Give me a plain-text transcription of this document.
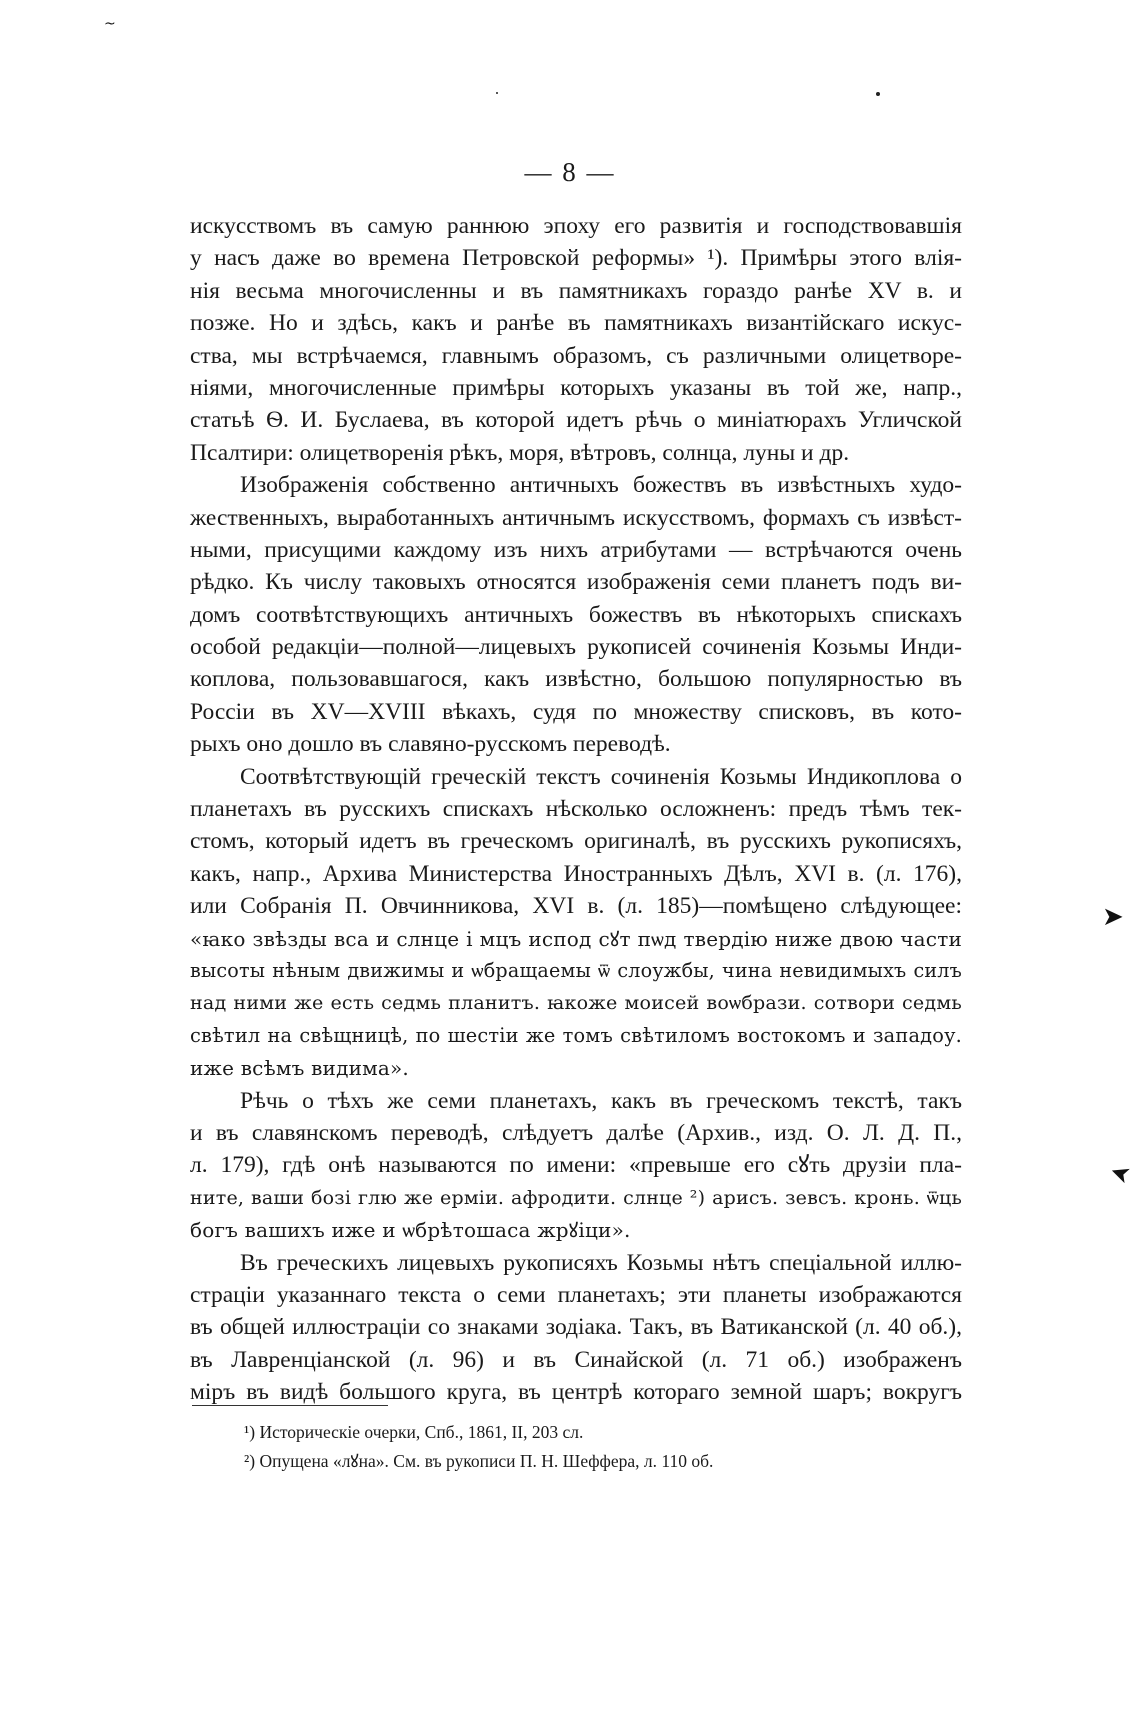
~
➤
➤
— 8 —
искусствомъ въ самую раннюю эпоху его развитія и господствовавшія
у насъ даже во времена Петровской реформы» ¹). Примѣры этого влія-
нія весьма многочисленны и въ памятникахъ гораздо ранѣе XV в. и
позже. Но и здѣсь, какъ и ранѣе въ памятникахъ византійскаго искус-
ства, мы встрѣчаемся, главнымъ образомъ, съ различными олицетворе-
ніями, многочисленные примѣры которыхъ указаны въ той же, напр.,
статьѣ Ѳ. И. Буслаева, въ которой идетъ рѣчь о миніатюрахъ Угличской
Псалтири: олицетворенія рѣкъ, моря, вѣтровъ, солнца, луны и др.
Изображенія собственно античныхъ божествъ въ извѣстныхъ худо-
жественныхъ, выработанныхъ античнымъ искусствомъ, формахъ съ извѣст-
ными, присущими каждому изъ нихъ атрибутами — встрѣчаются очень
рѣдко. Къ числу таковыхъ относятся изображенія семи планетъ подъ ви-
домъ соотвѣтствующихъ античныхъ божествъ въ нѣкоторыхъ спискахъ
особой редакціи—полной—лицевыхъ рукописей сочиненія Козьмы Инди-
коплова, пользовавшагося, какъ извѣстно, большою популярностью въ
Россіи въ XV—XVIII вѣкахъ, судя по множеству списковъ, въ кото-
рыхъ оно дошло въ славяно-русскомъ переводѣ.
Соотвѣтствующій греческій текстъ сочиненія Козьмы Индикоплова о
планетахъ въ русскихъ спискахъ нѣсколько осложненъ: предъ тѣмъ тек-
стомъ, который идетъ въ греческомъ оригиналѣ, въ русскихъ рукописяхъ,
какъ, напр., Архива Министерства Иностранныхъ Дѣлъ, XVI в. (л. 176),
или Собранія П. Овчинникова, XVI в. (л. 185)—помѣщено слѣдующее:
«ꙗко звѣзды вса и слнце і мцъ испод сꙋт пѡд твердію ниже двою части
высоты нѣным движимы и ѡбращаемы ѿ слоужбы, чина невидимыхъ силъ
над ними же есть седмь планитъ. ꙗкоже моисей воѡбрази. сотвори седмь
свѣтил на свѣщницѣ, по шестіи же томъ свѣтиломъ востокомъ и западоу.
иже всѣмъ видима».
Рѣчь о тѣхъ же семи планетахъ, какъ въ греческомъ текстѣ, такъ
и въ славянскомъ переводѣ, слѣдуетъ далѣе (Архив., изд. О. Л. Д. П.,
л. 179), гдѣ онѣ называются по имени: «превыше его сꙋть друзіи пла-
ните, ваши бозі глю же ерміи. афродити. слнце ²) арисъ. зевсъ. кронь. ѿць
богъ вашихъ иже и ѡбрѣтошаса жрꙋіци».
Въ греческихъ лицевыхъ рукописяхъ Козьмы нѣтъ спеціальной иллю-
страціи указаннаго текста о семи планетахъ; эти планеты изображаются
въ общей иллюстраціи со знаками зодіака. Такъ, въ Ватиканской (л. 40 об.),
въ Лавренціанской (л. 96) и въ Синайской (л. 71 об.) изображенъ
міръ въ видѣ большого круга, въ центрѣ котораго земной шаръ; вокругъ
¹) Историческіе очерки, Спб., 1861, II, 203 сл.
²) Опущена «лꙋна». См. въ рукописи П. Н. Шеффера, л. 110 об.
